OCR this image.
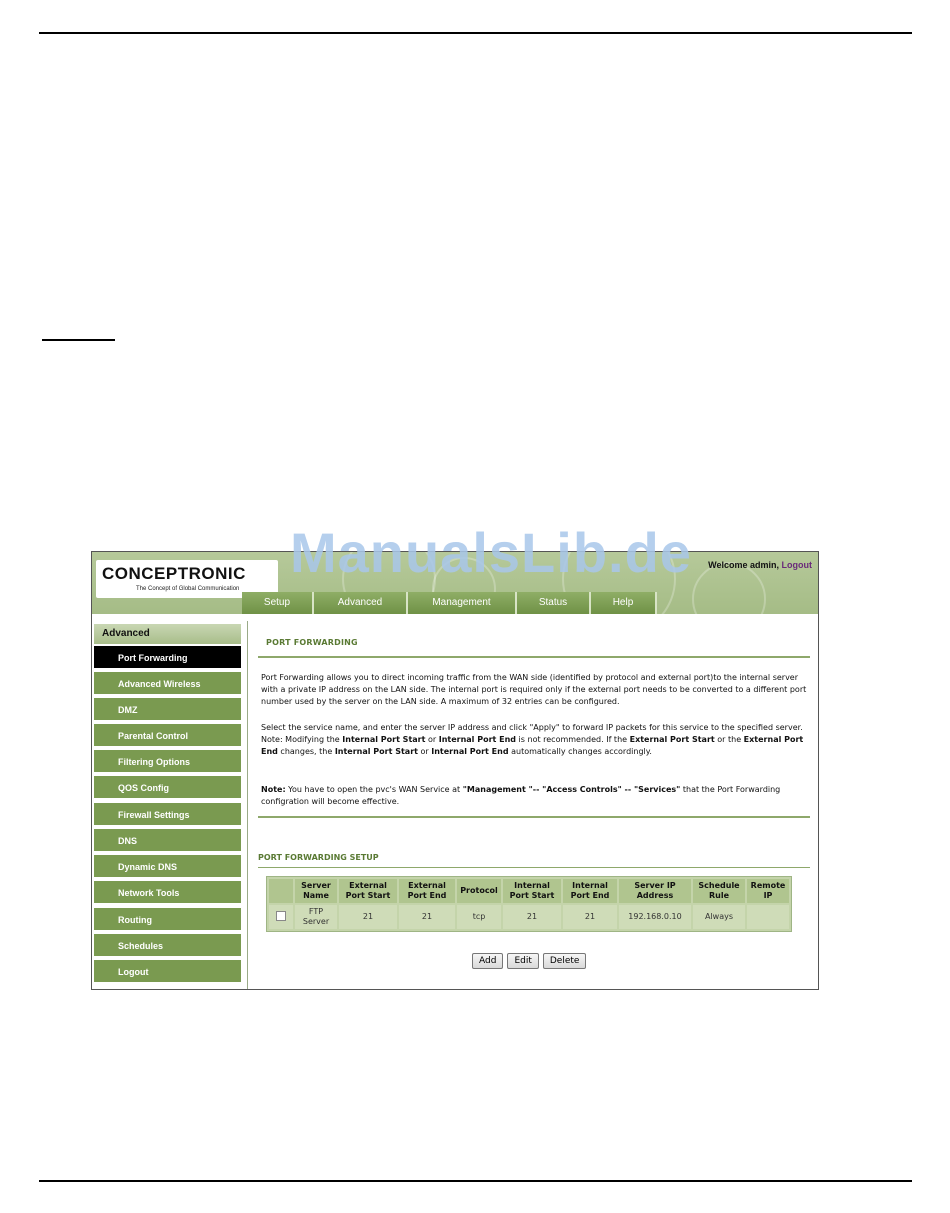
ManualsLib.de
CONCEPTRONIC
The Concept of Global Communication
Welcome admin, Logout
Setup	Advanced	Management	Status	Help
Advanced
Port Forwarding
Advanced Wireless
DMZ
Parental Control
Filtering Options
QOS Config
Firewall Settings
DNS
Dynamic DNS
Network Tools
Routing
Schedules
Logout
PORT FORWARDING
Port Forwarding allows you to direct incoming traffic from the WAN side (identified by protocol and external port)to the internal server with a private IP address on the LAN side. The internal port is required only if the external port needs to be converted to a different port number used by the server on the LAN side. A maximum of 32 entries can be configured.
Select the service name, and enter the server IP address and click "Apply" to forward IP packets for this service to the specified server. Note: Modifying the Internal Port Start or Internal Port End is not recommended. If the External Port Start or the External Port End changes, the Internal Port Start or Internal Port End automatically changes accordingly.
Note: You have to open the pvc's WAN Service at "Management "-- "Access Controls" -- "Services" that the Port Forwarding configration will become effective.
PORT FORWARDING SETUP
	Server Name	External Port Start	External Port End	Protocol	Internal Port Start	Internal Port End	Server IP Address	Schedule Rule	Remote IP
	FTP Server	21	21	tcp	21	21	192.168.0.10	Always	
Add	Edit	Delete
